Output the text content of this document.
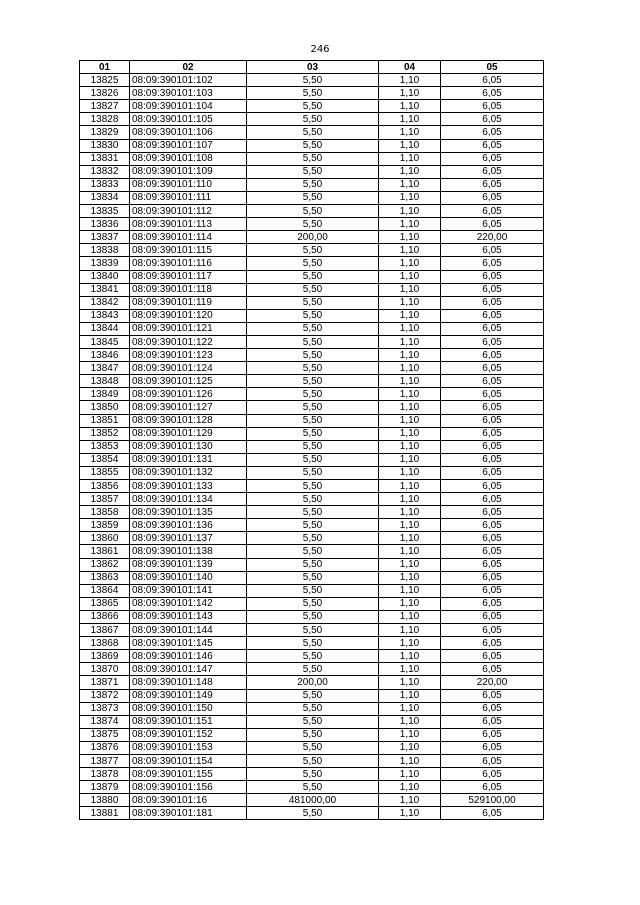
246
01	02	03	04	05
13825	08:09:390101:102	5,50	1,10	6,05
13826	08:09:390101:103	5,50	1,10	6,05
13827	08:09:390101:104	5,50	1,10	6,05
13828	08:09:390101:105	5,50	1,10	6,05
13829	08:09:390101:106	5,50	1,10	6,05
13830	08:09:390101:107	5,50	1,10	6,05
13831	08:09:390101:108	5,50	1,10	6,05
13832	08:09:390101:109	5,50	1,10	6,05
13833	08:09:390101:110	5,50	1,10	6,05
13834	08:09:390101:111	5,50	1,10	6,05
13835	08:09:390101:112	5,50	1,10	6,05
13836	08:09:390101:113	5,50	1,10	6,05
13837	08:09:390101:114	200,00	1,10	220,00
13838	08:09:390101:115	5,50	1,10	6,05
13839	08:09:390101:116	5,50	1,10	6,05
13840	08:09:390101:117	5,50	1,10	6,05
13841	08:09:390101:118	5,50	1,10	6,05
13842	08:09:390101:119	5,50	1,10	6,05
13843	08:09:390101:120	5,50	1,10	6,05
13844	08:09:390101:121	5,50	1,10	6,05
13845	08:09:390101:122	5,50	1,10	6,05
13846	08:09:390101:123	5,50	1,10	6,05
13847	08:09:390101:124	5,50	1,10	6,05
13848	08:09:390101:125	5,50	1,10	6,05
13849	08:09:390101:126	5,50	1,10	6,05
13850	08:09:390101:127	5,50	1,10	6,05
13851	08:09:390101:128	5,50	1,10	6,05
13852	08:09:390101:129	5,50	1,10	6,05
13853	08:09:390101:130	5,50	1,10	6,05
13854	08:09:390101:131	5,50	1,10	6,05
13855	08:09:390101:132	5,50	1,10	6,05
13856	08:09:390101:133	5,50	1,10	6,05
13857	08:09:390101:134	5,50	1,10	6,05
13858	08:09:390101:135	5,50	1,10	6,05
13859	08:09:390101:136	5,50	1,10	6,05
13860	08:09:390101:137	5,50	1,10	6,05
13861	08:09:390101:138	5,50	1,10	6,05
13862	08:09:390101:139	5,50	1,10	6,05
13863	08:09:390101:140	5,50	1,10	6,05
13864	08:09:390101:141	5,50	1,10	6,05
13865	08:09:390101:142	5,50	1,10	6,05
13866	08:09:390101:143	5,50	1,10	6,05
13867	08:09:390101:144	5,50	1,10	6,05
13868	08:09:390101:145	5,50	1,10	6,05
13869	08:09:390101:146	5,50	1,10	6,05
13870	08:09:390101:147	5,50	1,10	6,05
13871	08:09:390101:148	200,00	1,10	220,00
13872	08:09:390101:149	5,50	1,10	6,05
13873	08:09:390101:150	5,50	1,10	6,05
13874	08:09:390101:151	5,50	1,10	6,05
13875	08:09:390101:152	5,50	1,10	6,05
13876	08:09:390101:153	5,50	1,10	6,05
13877	08:09:390101:154	5,50	1,10	6,05
13878	08:09:390101:155	5,50	1,10	6,05
13879	08:09:390101:156	5,50	1,10	6,05
13880	08:09:390101:16	481000,00	1,10	529100,00
13881	08:09:390101:181	5,50	1,10	6,05
